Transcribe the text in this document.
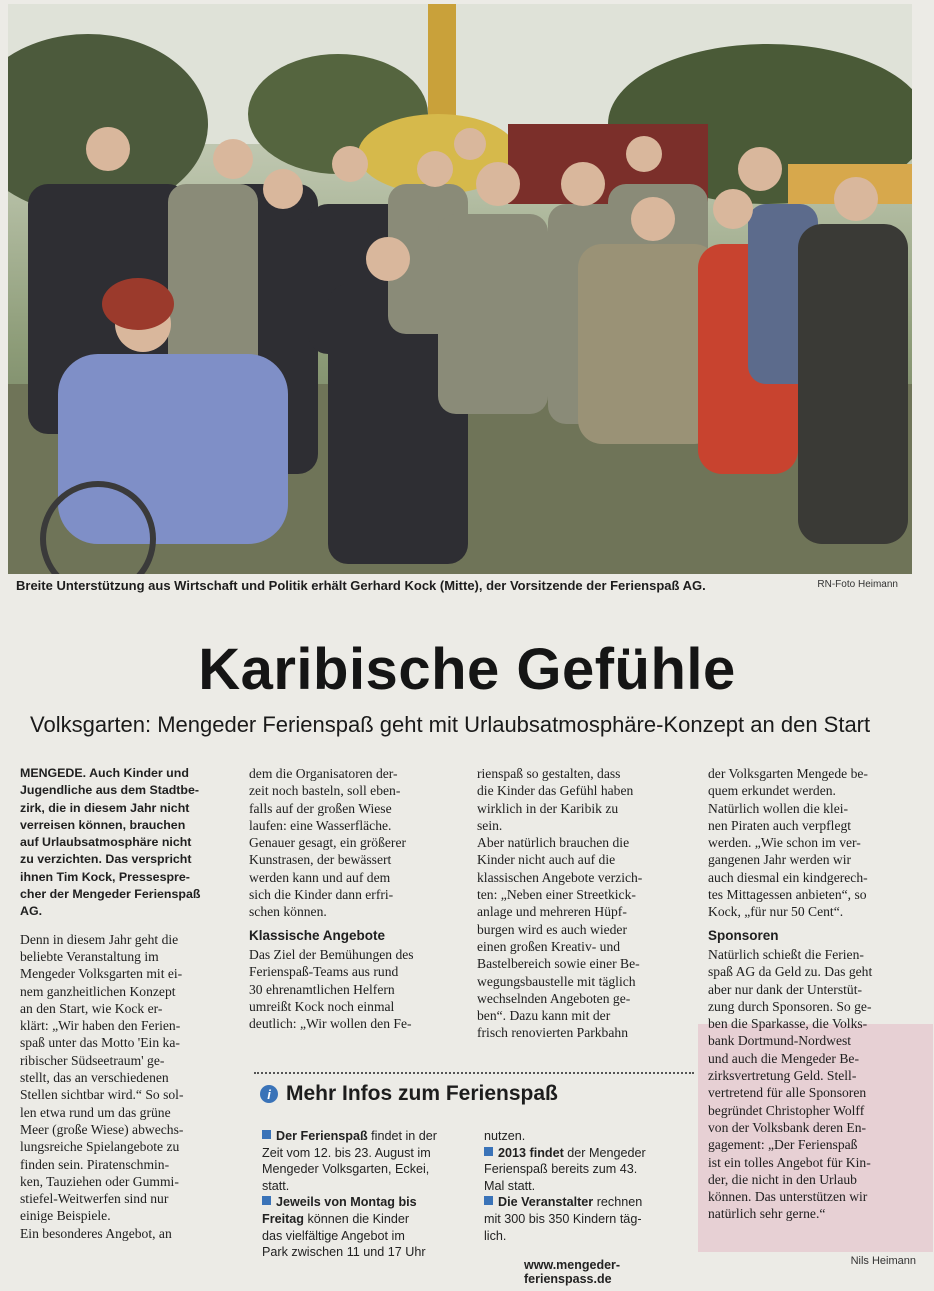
Breite Unterstützung aus Wirtschaft und Politik erhält Gerhard Kock (Mitte), der Vorsitzende der Ferienspaß AG.	RN-Foto Heimann
Karibische Gefühle
Volksgarten: Mengeder Ferienspaß geht mit Urlaubsatmosphäre-Konzept an den Start
MENGEDE. Auch Kinder und
Jugendliche aus dem Stadtbe-
zirk, die in diesem Jahr nicht
verreisen können, brauchen
auf Urlaubsatmosphäre nicht
zu verzichten. Das verspricht
ihnen Tim Kock, Pressespre-
cher der Mengeder Ferienspaß
AG.
Denn in diesem Jahr geht die
beliebte Veranstaltung im
Mengeder Volksgarten mit ei-
nem ganzheitlichen Konzept
an den Start, wie Kock er-
klärt: „Wir haben den Ferien-
spaß unter das Motto 'Ein ka-
ribischer Südseetraum' ge-
stellt, das an verschiedenen
Stellen sichtbar wird.“ So sol-
len etwa rund um das grüne
Meer (große Wiese) abwechs-
lungsreiche Spielangebote zu
finden sein. Piratenschmin-
ken, Tauziehen oder Gummi-
stiefel-Weitwerfen sind nur
einige Beispiele.
Ein besonderes Angebot, an
dem die Organisatoren der-
zeit noch basteln, soll eben-
falls auf der großen Wiese
laufen: eine Wasserfläche.
Genauer gesagt, ein größerer
Kunstrasen, der bewässert
werden kann und auf dem
sich die Kinder dann erfri-
schen können.
Klassische Angebote
Das Ziel der Bemühungen des
Ferienspaß-Teams aus rund
30 ehrenamtlichen Helfern
umreißt Kock noch einmal
deutlich: „Wir wollen den Fe-
rienspaß so gestalten, dass
die Kinder das Gefühl haben
wirklich in der Karibik zu
sein.
Aber natürlich brauchen die
Kinder nicht auch auf die
klassischen Angebote verzich-
ten: „Neben einer Streetkick-
anlage und mehreren Hüpf-
burgen wird es auch wieder
einen großen Kreativ- und
Bastelbereich sowie einer Be-
wegungsbaustelle mit täglich
wechselnden Angeboten ge-
ben“. Dazu kann mit der
frisch renovierten Parkbahn
der Volksgarten Mengede be-
quem erkundet werden.
Natürlich wollen die klei-
nen Piraten auch verpflegt
werden. „Wie schon im ver-
gangenen Jahr werden wir
auch diesmal ein kindgerech-
tes Mittagessen anbieten“, so
Kock, „für nur 50 Cent“.
Sponsoren
Natürlich schießt die Ferien-
spaß AG da Geld zu. Das geht
aber nur dank der Unterstüt-
zung durch Sponsoren. So ge-
ben die Sparkasse, die Volks-
bank Dortmund-Nordwest
und auch die Mengeder Be-
zirksvertretung Geld. Stell-
vertretend für alle Sponsoren
begründet Christopher Wolff
von der Volksbank deren En-
gagement: „Der Ferienspaß
ist ein tolles Angebot für Kin-
der, die nicht in den Urlaub
können. Das unterstützen wir
natürlich sehr gerne.“
i Mehr Infos zum Ferienspaß
Der Ferienspaß findet in der
Zeit vom 12. bis 23. August im
Mengeder Volksgarten, Eckei,
statt.
Jeweils von Montag bis
Freitag können die Kinder
das vielfältige Angebot im
Park zwischen 11 und 17 Uhr
nutzen.
2013 findet der Mengeder
Ferienspaß bereits zum 43.
Mal statt.
Die Veranstalter rechnen
mit 300 bis 350 Kindern täg-
lich.
www.mengeder-ferienspass.de
Nils Heimann
